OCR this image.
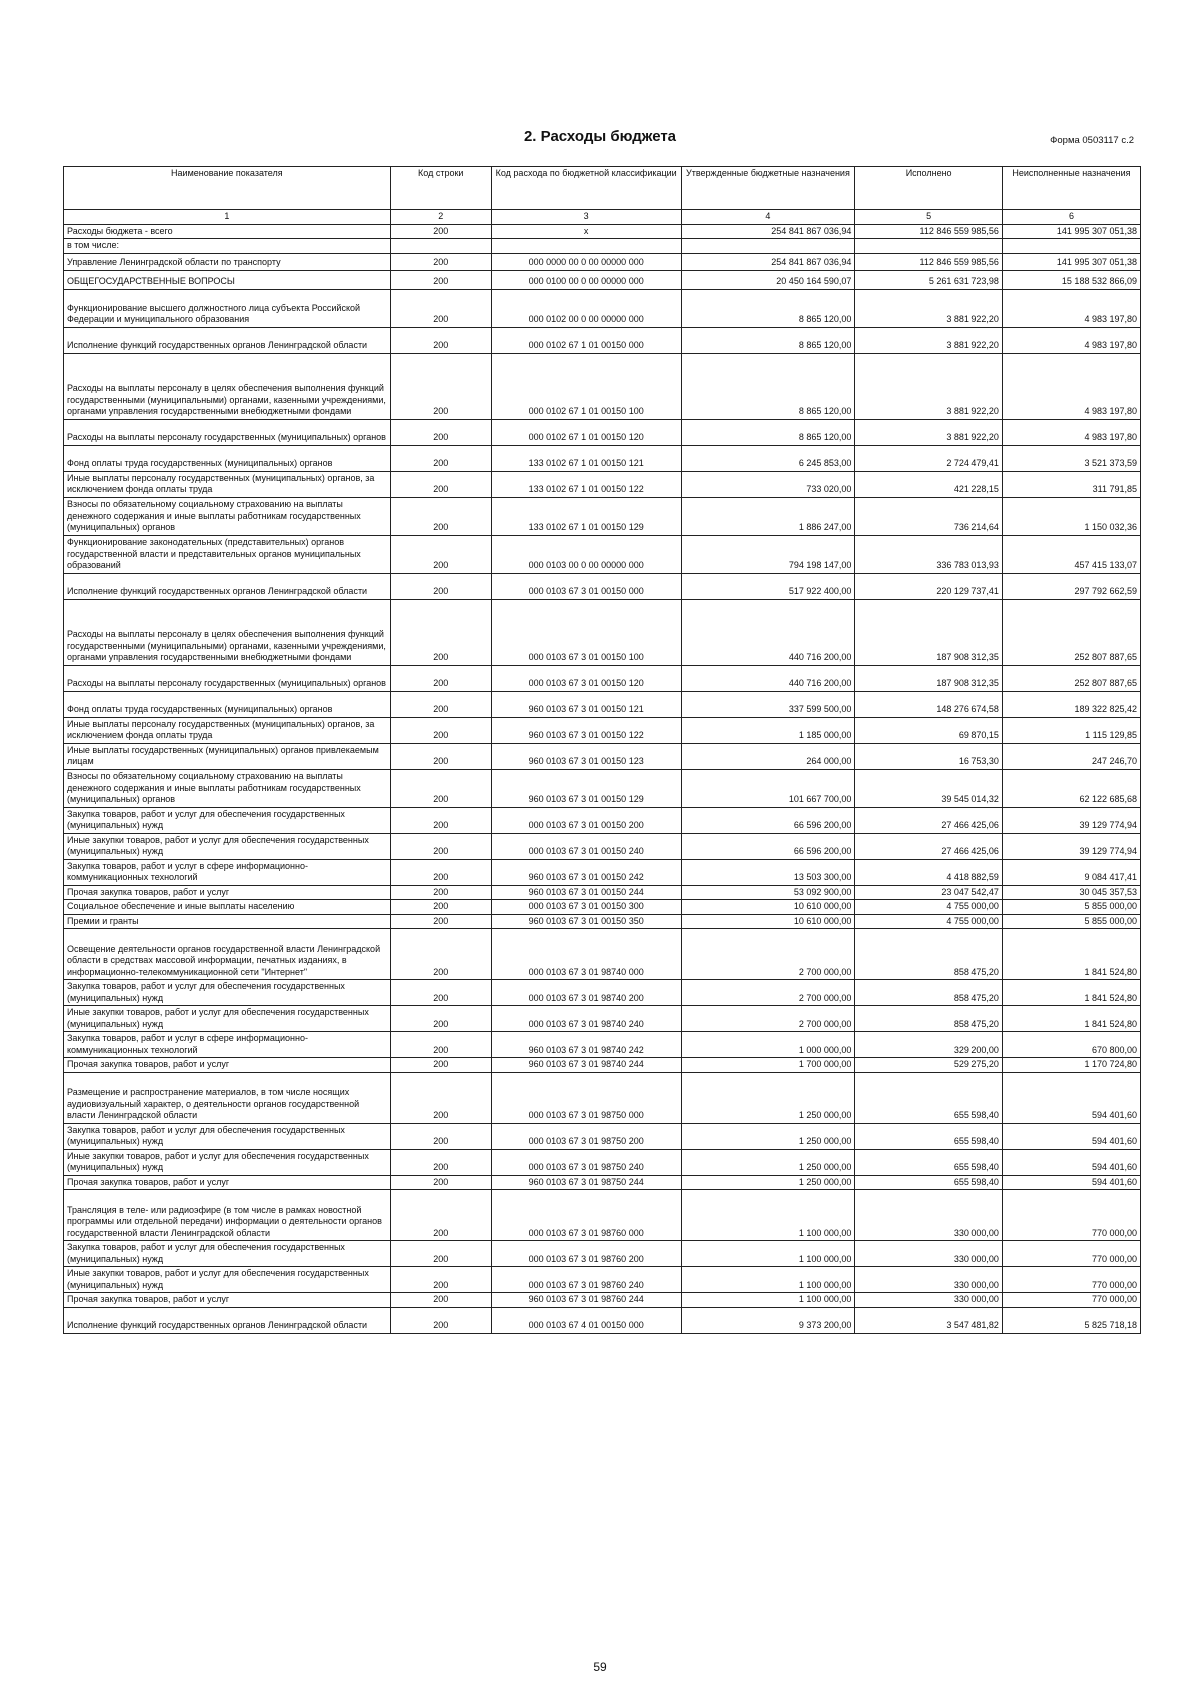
2. Расходы бюджета	Форма 0503117 с.2
Наименование показателя	Код строки	Код расхода по бюджетной классификации	Утвержденные бюджетные назначения	Исполнено	Неисполненные назначения
1	2	3	4	5	6
Расходы бюджета - всего	200	x	254 841 867 036,94	112 846 559 985,56	141 995 307 051,38
в том числе:					
Управление Ленинградской области по транспорту	200	000 0000 00 0 00 00000 000	254 841 867 036,94	112 846 559 985,56	141 995 307 051,38
ОБЩЕГОСУДАРСТВЕННЫЕ ВОПРОСЫ	200	000 0100 00 0 00 00000 000	20 450 164 590,07	5 261 631 723,98	15 188 532 866,09
Функционирование высшего должностного лица субъекта Российской Федерации и муниципального образования	200	000 0102 00 0 00 00000 000	8 865 120,00	3 881 922,20	4 983 197,80
Исполнение функций государственных органов Ленинградской области	200	000 0102 67 1 01 00150 000	8 865 120,00	3 881 922,20	4 983 197,80
Расходы на выплаты персоналу в целях обеспечения выполнения функций государственными (муниципальными) органами, казенными учреждениями, органами управления государственными внебюджетными фондами	200	000 0102 67 1 01 00150 100	8 865 120,00	3 881 922,20	4 983 197,80
Расходы на выплаты персоналу государственных (муниципальных) органов	200	000 0102 67 1 01 00150 120	8 865 120,00	3 881 922,20	4 983 197,80
Фонд оплаты труда государственных (муниципальных) органов	200	133 0102 67 1 01 00150 121	6 245 853,00	2 724 479,41	3 521 373,59
Иные выплаты персоналу государственных (муниципальных) органов, за исключением фонда оплаты труда	200	133 0102 67 1 01 00150 122	733 020,00	421 228,15	311 791,85
Взносы по обязательному социальному страхованию на выплаты денежного содержания и иные выплаты работникам государственных (муниципальных) органов	200	133 0102 67 1 01 00150 129	1 886 247,00	736 214,64	1 150 032,36
Функционирование законодательных (представительных) органов государственной власти и представительных органов муниципальных образований	200	000 0103 00 0 00 00000 000	794 198 147,00	336 783 013,93	457 415 133,07
Исполнение функций государственных органов Ленинградской области	200	000 0103 67 3 01 00150 000	517 922 400,00	220 129 737,41	297 792 662,59
Расходы на выплаты персоналу в целях обеспечения выполнения функций государственными (муниципальными) органами, казенными учреждениями, органами управления государственными внебюджетными фондами	200	000 0103 67 3 01 00150 100	440 716 200,00	187 908 312,35	252 807 887,65
Расходы на выплаты персоналу государственных (муниципальных) органов	200	000 0103 67 3 01 00150 120	440 716 200,00	187 908 312,35	252 807 887,65
Фонд оплаты труда государственных (муниципальных) органов	200	960 0103 67 3 01 00150 121	337 599 500,00	148 276 674,58	189 322 825,42
Иные выплаты персоналу государственных (муниципальных) органов, за исключением фонда оплаты труда	200	960 0103 67 3 01 00150 122	1 185 000,00	69 870,15	1 115 129,85
Иные выплаты государственных (муниципальных) органов привлекаемым лицам	200	960 0103 67 3 01 00150 123	264 000,00	16 753,30	247 246,70
Взносы по обязательному социальному страхованию на выплаты денежного содержания и иные выплаты работникам государственных (муниципальных) органов	200	960 0103 67 3 01 00150 129	101 667 700,00	39 545 014,32	62 122 685,68
Закупка товаров, работ и услуг для обеспечения государственных (муниципальных) нужд	200	000 0103 67 3 01 00150 200	66 596 200,00	27 466 425,06	39 129 774,94
Иные закупки товаров, работ и услуг для обеспечения государственных (муниципальных) нужд	200	000 0103 67 3 01 00150 240	66 596 200,00	27 466 425,06	39 129 774,94
Закупка товаров, работ и услуг в сфере информационно-коммуникационных технологий	200	960 0103 67 3 01 00150 242	13 503 300,00	4 418 882,59	9 084 417,41
Прочая закупка товаров, работ и услуг	200	960 0103 67 3 01 00150 244	53 092 900,00	23 047 542,47	30 045 357,53
Социальное обеспечение и иные выплаты населению	200	000 0103 67 3 01 00150 300	10 610 000,00	4 755 000,00	5 855 000,00
Премии и гранты	200	960 0103 67 3 01 00150 350	10 610 000,00	4 755 000,00	5 855 000,00
Освещение деятельности органов государственной власти Ленинградской области в средствах массовой информации, печатных изданиях, в информационно-телекоммуникационной сети "Интернет"	200	000 0103 67 3 01 98740 000	2 700 000,00	858 475,20	1 841 524,80
Закупка товаров, работ и услуг для обеспечения государственных (муниципальных) нужд	200	000 0103 67 3 01 98740 200	2 700 000,00	858 475,20	1 841 524,80
Иные закупки товаров, работ и услуг для обеспечения государственных (муниципальных) нужд	200	000 0103 67 3 01 98740 240	2 700 000,00	858 475,20	1 841 524,80
Закупка товаров, работ и услуг в сфере информационно-коммуникационных технологий	200	960 0103 67 3 01 98740 242	1 000 000,00	329 200,00	670 800,00
Прочая закупка товаров, работ и услуг	200	960 0103 67 3 01 98740 244	1 700 000,00	529 275,20	1 170 724,80
Размещение и распространение материалов, в том числе носящих аудиовизуальный характер, о деятельности органов государственной власти Ленинградской области	200	000 0103 67 3 01 98750 000	1 250 000,00	655 598,40	594 401,60
Закупка товаров, работ и услуг для обеспечения государственных (муниципальных) нужд	200	000 0103 67 3 01 98750 200	1 250 000,00	655 598,40	594 401,60
Иные закупки товаров, работ и услуг для обеспечения государственных (муниципальных) нужд	200	000 0103 67 3 01 98750 240	1 250 000,00	655 598,40	594 401,60
Прочая закупка товаров, работ и услуг	200	960 0103 67 3 01 98750 244	1 250 000,00	655 598,40	594 401,60
Трансляция в теле- или радиоэфире (в том числе в рамках новостной программы или отдельной передачи) информации о деятельности органов государственной власти Ленинградской области	200	000 0103 67 3 01 98760 000	1 100 000,00	330 000,00	770 000,00
Закупка товаров, работ и услуг для обеспечения государственных (муниципальных) нужд	200	000 0103 67 3 01 98760 200	1 100 000,00	330 000,00	770 000,00
Иные закупки товаров, работ и услуг для обеспечения государственных (муниципальных) нужд	200	000 0103 67 3 01 98760 240	1 100 000,00	330 000,00	770 000,00
Прочая закупка товаров, работ и услуг	200	960 0103 67 3 01 98760 244	1 100 000,00	330 000,00	770 000,00
Исполнение функций государственных органов Ленинградской области	200	000 0103 67 4 01 00150 000	9 373 200,00	3 547 481,82	5 825 718,18
59
